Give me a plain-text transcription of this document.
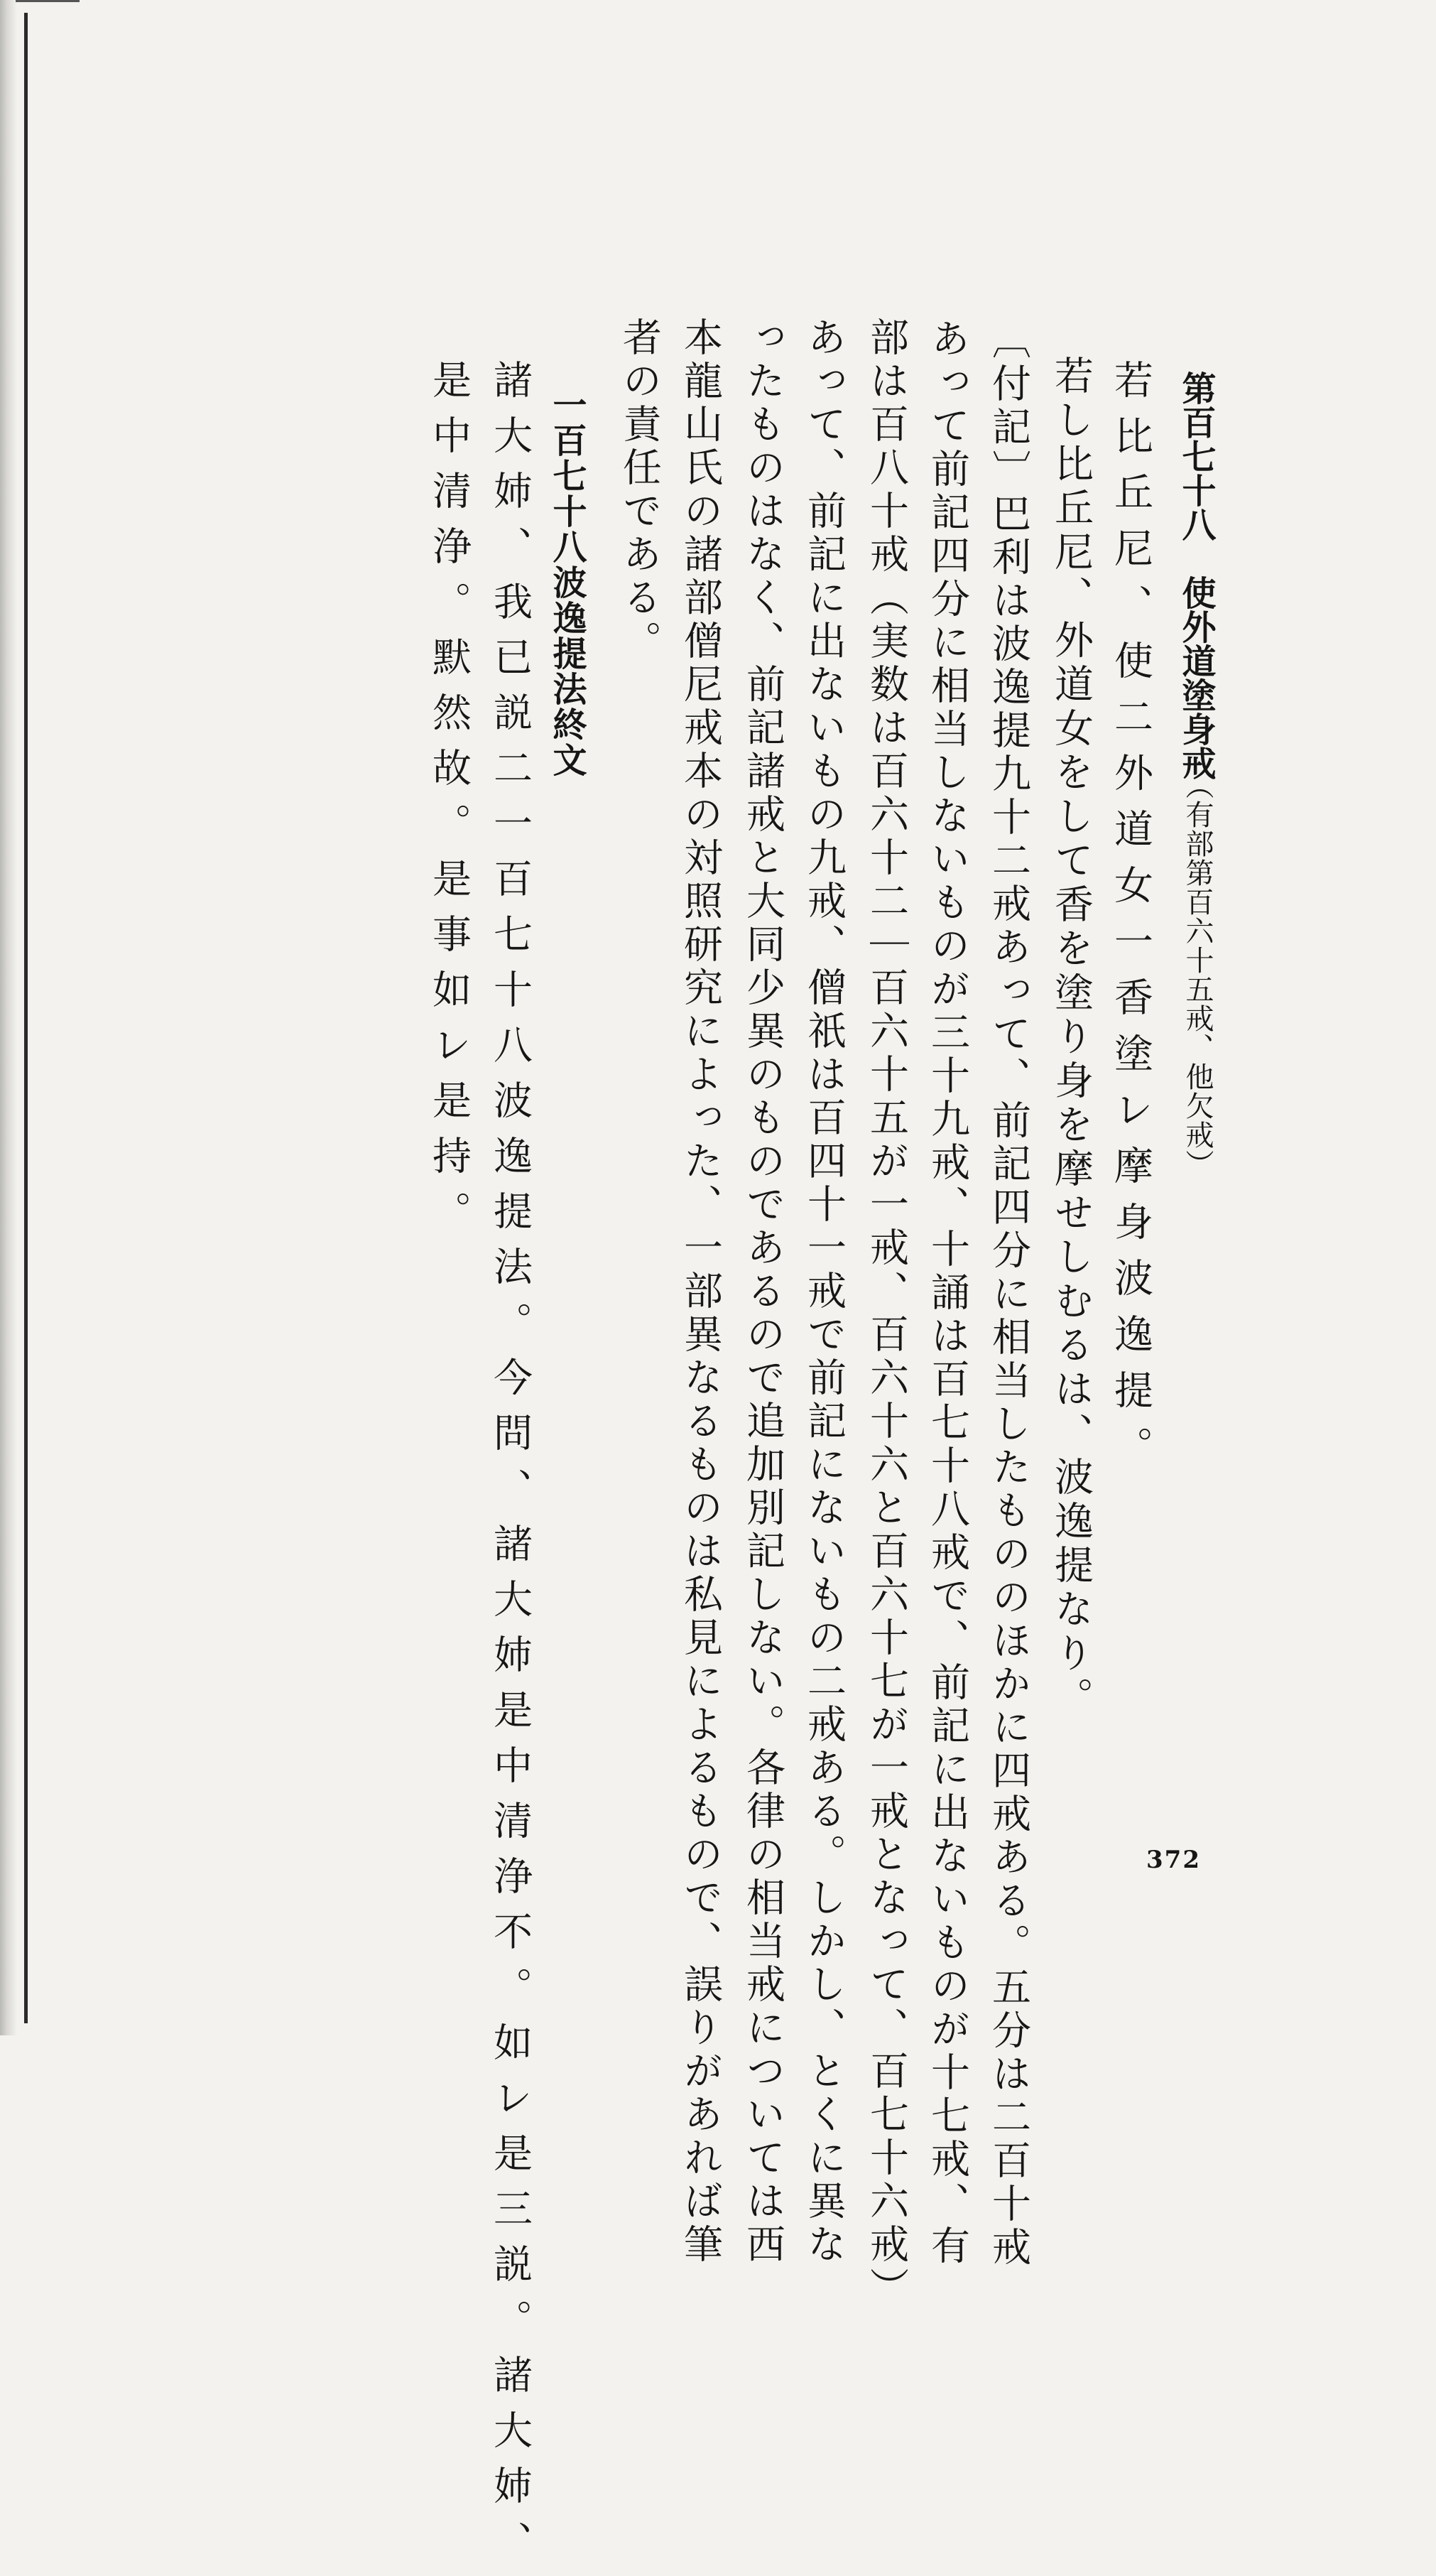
第百七十八　使外道塗身戒
（有部第百六十五戒、他欠戒）
若比丘尼、使二外道女一香塗レ摩身波逸提。
若し比丘尼、外道女をして香を塗り身を摩せしむるは、波逸提なり。
〔付記〕巴利は波逸提九十二戒あって、前記四分に相当したもののほかに四戒ある。五分は二百十戒
あって前記四分に相当しないものが三十九戒、十誦は百七十八戒で、前記に出ないものが十七戒、有
部は百八十戒（実数は百六十二｜百六十五が一戒、百六十六と百六十七が一戒となって、百七十六戒）
あって、前記に出ないもの九戒、僧祇は百四十一戒で前記にないもの二戒ある。しかし、とくに異な
ったものはなく、前記諸戒と大同少異のものであるので追加別記しない。各律の相当戒については西
本龍山氏の諸部僧尼戒本の対照研究によった、一部異なるものは私見によるもので、誤りがあれば筆
者の責任である。
一百七十八波逸提法終文
諸大姉、我已説二一百七十八波逸提法。今問、諸大姉是中清浄不。如レ是三説。諸大姉、
是中清浄。默然故。是事如レ是持。
372
